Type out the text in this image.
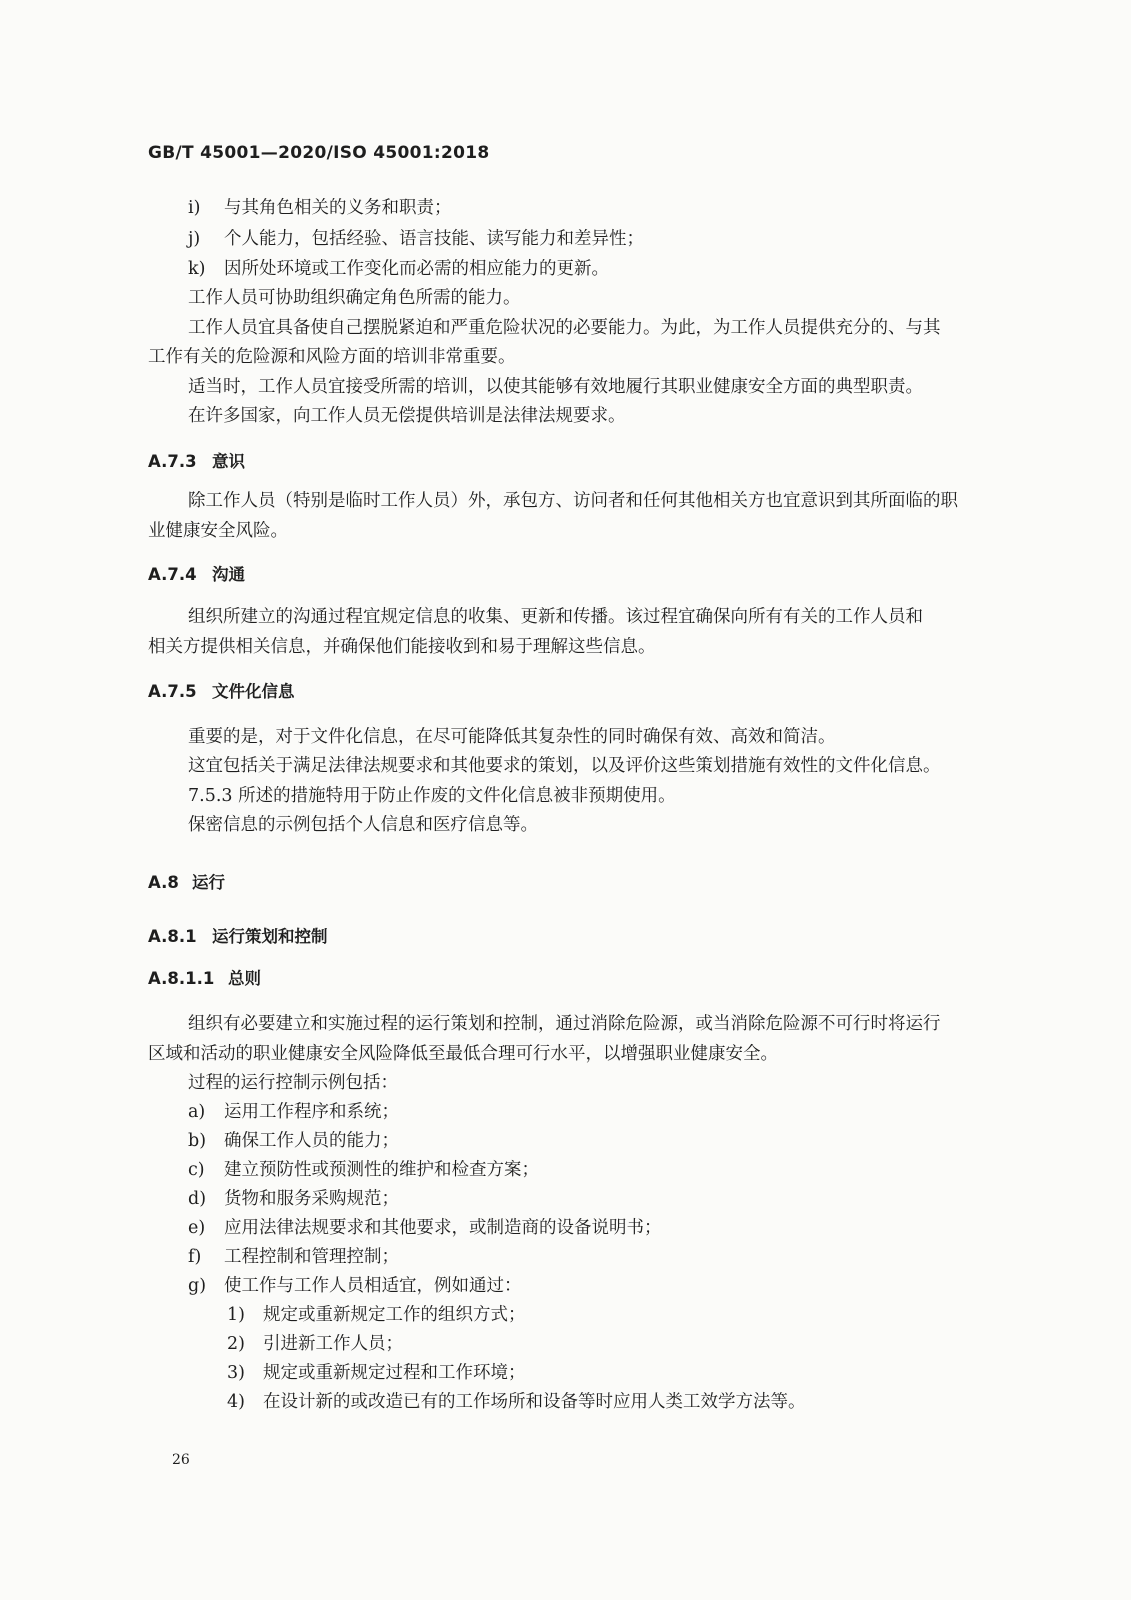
GB/T 45001—2020/ISO 45001:2018
i) 与其角色相关的义务和职责；
j) 个人能力，包括经验、语言技能、读写能力和差异性；
k) 因所处环境或工作变化而必需的相应能力的更新。
工作人员可协助组织确定角色所需的能力。
工作人员宜具备使自己摆脱紧迫和严重危险状况的必要能力。为此，为工作人员提供充分的、与其
工作有关的危险源和风险方面的培训非常重要。
适当时，工作人员宜接受所需的培训，以使其能够有效地履行其职业健康安全方面的典型职责。
在许多国家，向工作人员无偿提供培训是法律法规要求。
A.7.3 意识
除工作人员（特别是临时工作人员）外，承包方、访问者和任何其他相关方也宜意识到其所面临的职
业健康安全风险。
A.7.4 沟通
组织所建立的沟通过程宜规定信息的收集、更新和传播。该过程宜确保向所有有关的工作人员和
相关方提供相关信息，并确保他们能接收到和易于理解这些信息。
A.7.5 文件化信息
重要的是，对于文件化信息，在尽可能降低其复杂性的同时确保有效、高效和简洁。
这宜包括关于满足法律法规要求和其他要求的策划，以及评价这些策划措施有效性的文件化信息。
7.5.3 所述的措施特用于防止作废的文件化信息被非预期使用。
保密信息的示例包括个人信息和医疗信息等。
A.8 运行
A.8.1 运行策划和控制
A.8.1.1 总则
组织有必要建立和实施过程的运行策划和控制，通过消除危险源，或当消除危险源不可行时将运行
区域和活动的职业健康安全风险降低至最低合理可行水平，以增强职业健康安全。
过程的运行控制示例包括：
a) 运用工作程序和系统；
b) 确保工作人员的能力；
c) 建立预防性或预测性的维护和检查方案；
d) 货物和服务采购规范；
e) 应用法律法规要求和其他要求，或制造商的设备说明书；
f) 工程控制和管理控制；
g) 使工作与工作人员相适宜，例如通过：
1) 规定或重新规定工作的组织方式；
2) 引进新工作人员；
3) 规定或重新规定过程和工作环境；
4) 在设计新的或改造已有的工作场所和设备等时应用人类工效学方法等。
26
